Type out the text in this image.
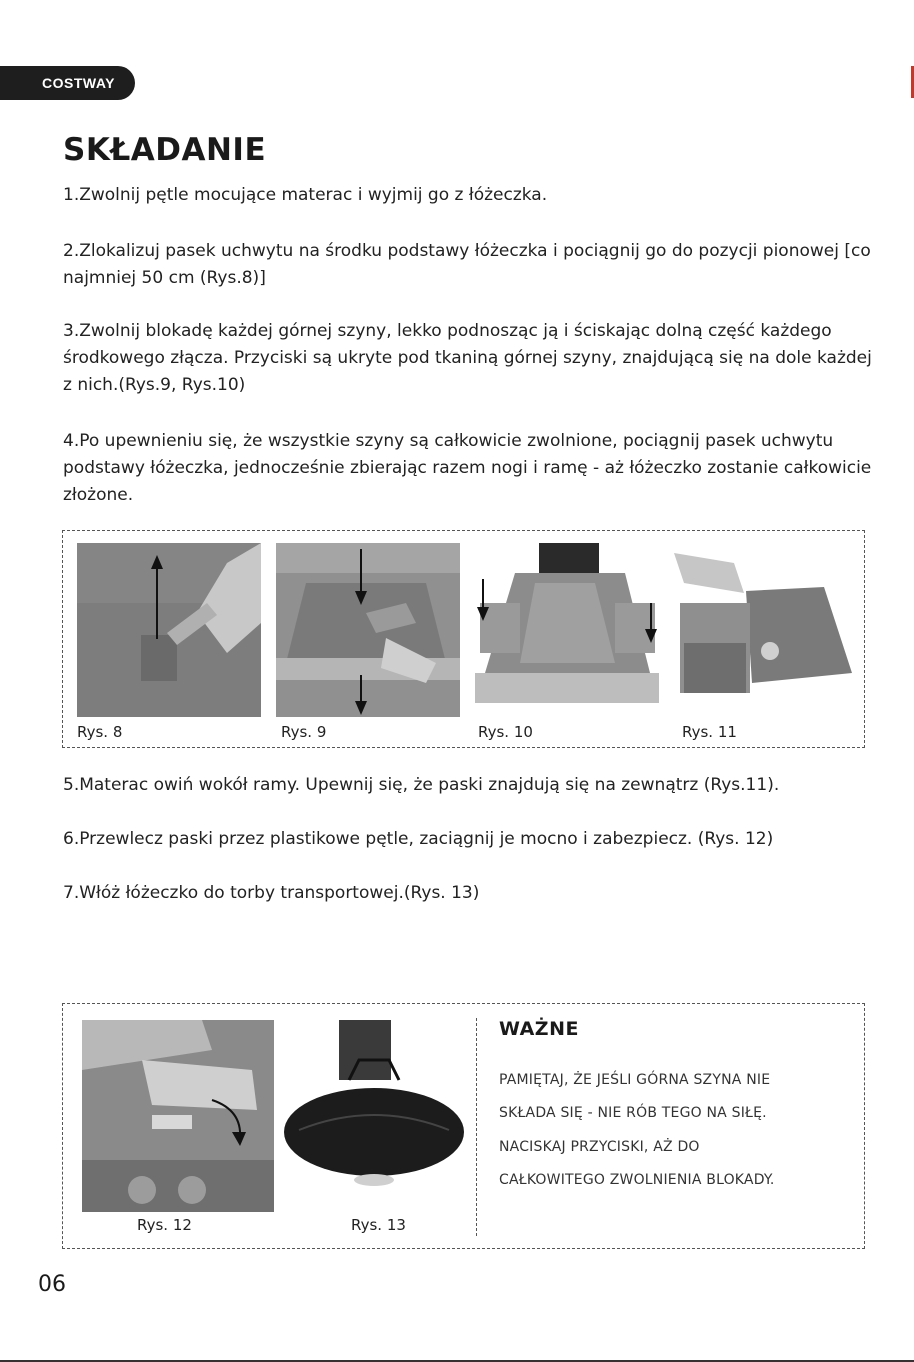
COSTWAY
SKŁADANIE

1.Zwolnij pętle mocujące materac i wyjmij go z łóżeczka.

2.Zlokalizuj pasek uchwytu na środku podstawy łóżeczka i pociągnij go do pozycji pionowej [co najmniej 50 cm (Rys.8)]

3.Zwolnij blokadę każdej górnej szyny, lekko podnosząc ją i ściskając dolną część każdego środkowego złącza. Przyciski są ukryte pod tkaniną górnej szyny, znajdującą się na dole każdej z nich.(Rys.9, Rys.10)

4.Po upewnieniu się, że wszystkie szyny są całkowicie zwolnione, pociągnij pasek uchwytu podstawy łóżeczka, jednocześnie zbierając razem nogi i ramę - aż łóżeczko zostanie całkowicie złożone.

Rys. 8	Rys. 9	Rys. 10	Rys. 11

5.Materac owiń wokół ramy. Upewnij się, że paski znajdują się na zewnątrz (Rys.11).

6.Przewlecz paski przez plastikowe pętle, zaciągnij je mocno i zabezpiecz. (Rys. 12)

7.Włóż łóżeczko do torby transportowej.(Rys. 13)

Rys. 12	Rys. 13
WAŻNE
PAMIĘTAJ, ŻE JEŚLI GÓRNA SZYNA NIE
SKŁADA SIĘ - NIE RÓB TEGO NA SIŁĘ.
NACISKAJ PRZYCISKI, AŻ DO
CAŁKOWITEGO ZWOLNIENIA BLOKADY.
06
